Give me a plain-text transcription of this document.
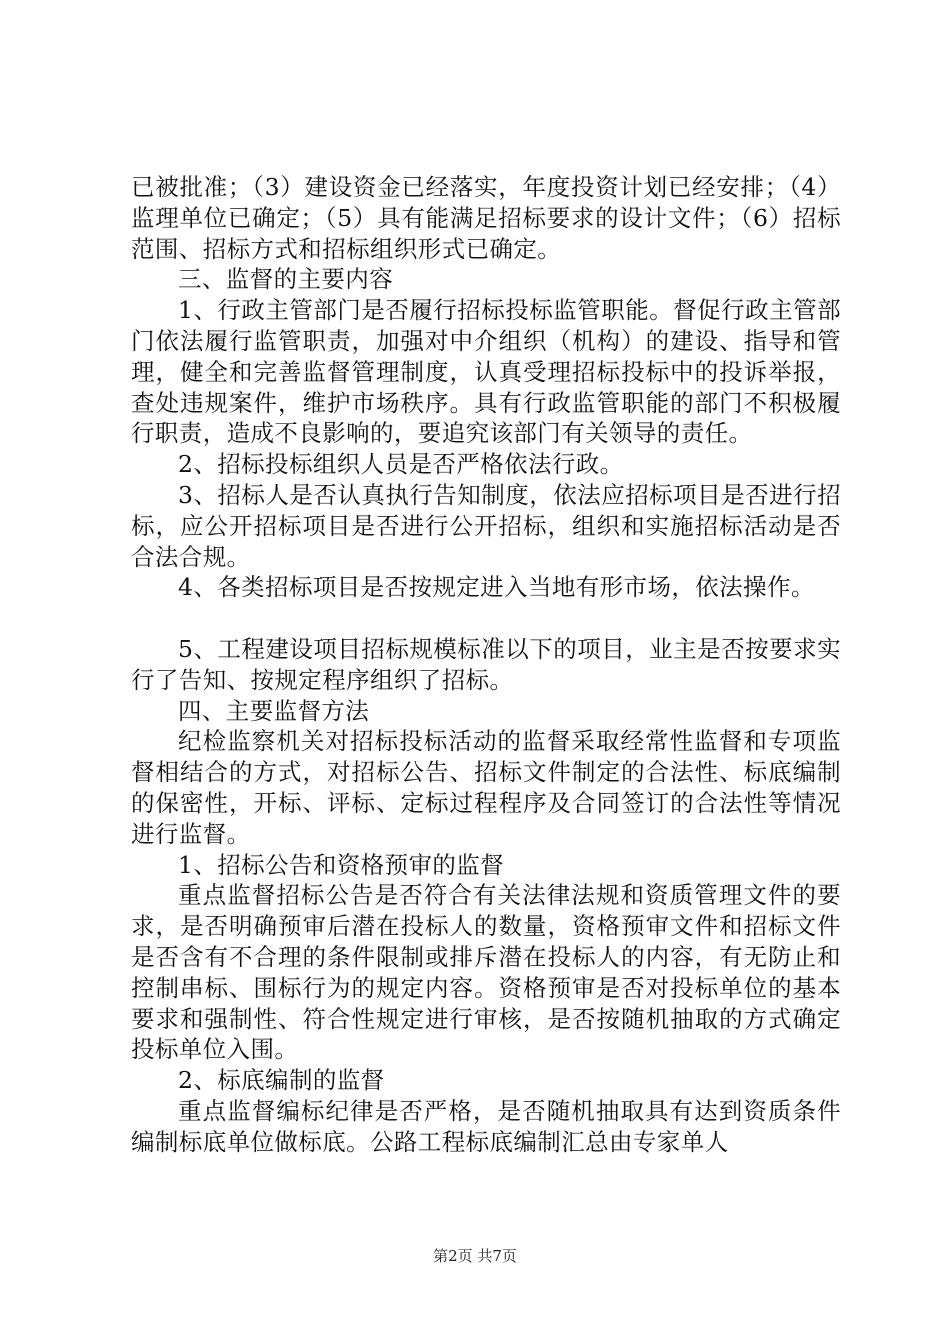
已被批准；（3）建设资金已经落实，年度投资计划已经安排；（4）监理单位已确定；（5）具有能满足招标要求的设计文件；（6）招标范围、招标方式和招标组织形式已确定。

三、监督的主要内容

1、行政主管部门是否履行招标投标监管职能。督促行政主管部门依法履行监管职责，加强对中介组织（机构）的建设、指导和管理，健全和完善监督管理制度，认真受理招标投标中的投诉举报，查处违规案件，维护市场秩序。具有行政监管职能的部门不积极履行职责，造成不良影响的，要追究该部门有关领导的责任。

2、招标投标组织人员是否严格依法行政。

3、招标人是否认真执行告知制度，依法应招标项目是否进行招标，应公开招标项目是否进行公开招标，组织和实施招标活动是否合法合规。

4、各类招标项目是否按规定进入当地有形市场，依法操作。

5、工程建设项目招标规模标准以下的项目，业主是否按要求实行了告知、按规定程序组织了招标。

四、主要监督方法

纪检监察机关对招标投标活动的监督采取经常性监督和专项监督相结合的方式，对招标公告、招标文件制定的合法性、标底编制的保密性，开标、评标、定标过程程序及合同签订的合法性等情况进行监督。

1、招标公告和资格预审的监督

重点监督招标公告是否符合有关法律法规和资质管理文件的要求，是否明确预审后潜在投标人的数量，资格预审文件和招标文件是否含有不合理的条件限制或排斥潜在投标人的内容，有无防止和控制串标、围标行为的规定内容。资格预审是否对投标单位的基本要求和强制性、符合性规定进行审核，是否按随机抽取的方式确定投标单位入围。

2、标底编制的监督

重点监督编标纪律是否严格，是否随机抽取具有达到资质条件编制标底单位做标底。公路工程标底编制汇总由专家单人

第2页 共7页
